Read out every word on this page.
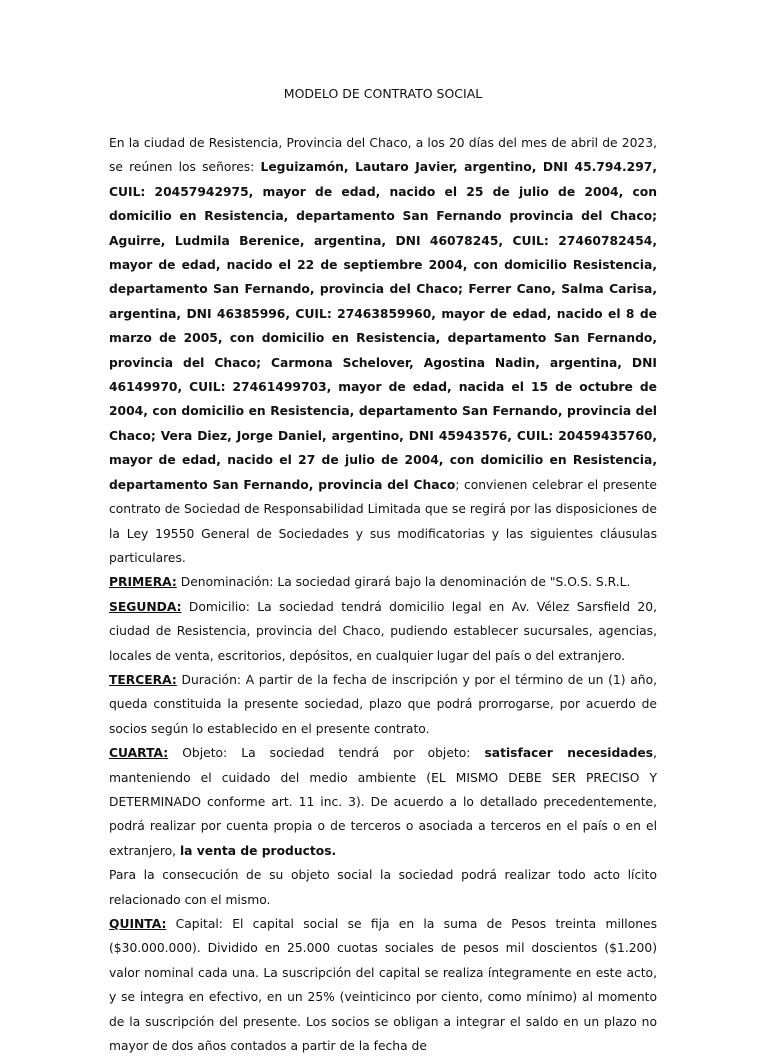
MODELO DE CONTRATO SOCIAL

En la ciudad de Resistencia, Provincia del Chaco, a los 20 días del mes de abril de 2023, se reúnen los señores: Leguizamón, Lautaro Javier, argentino, DNI 45.794.297, CUIL: 20457942975, mayor de edad, nacido el 25 de julio de 2004, con domicilio en Resistencia, departamento San Fernando provincia del Chaco; Aguirre, Ludmila Berenice, argentina, DNI 46078245, CUIL: 27460782454, mayor de edad, nacido el 22 de septiembre 2004, con domicilio Resistencia, departamento San Fernando, provincia del Chaco; Ferrer Cano, Salma Carisa, argentina, DNI 46385996, CUIL: 27463859960, mayor de edad, nacido el 8 de marzo de 2005, con domicilio en Resistencia, departamento San Fernando, provincia del Chaco; Carmona Schelover, Agostina Nadin, argentina, DNI 46149970, CUIL: 27461499703, mayor de edad, nacida el 15 de octubre de 2004, con domicilio en Resistencia, departamento San Fernando, provincia del Chaco; Vera Diez, Jorge Daniel, argentino, DNI 45943576, CUIL: 20459435760, mayor de edad, nacido el 27 de julio de 2004, con domicilio en Resistencia, departamento San Fernando, provincia del Chaco; convienen celebrar el presente contrato de Sociedad de Responsabilidad Limitada que se regirá por las disposiciones de la Ley 19550 General de Sociedades y sus modificatorias y las siguientes cláusulas particulares.

PRIMERA: Denominación: La sociedad girará bajo la denominación de "S.O.S. S.R.L.

SEGUNDA: Domicilio: La sociedad tendrá domicilio legal en Av. Vélez Sarsfield 20, ciudad de Resistencia, provincia del Chaco, pudiendo establecer sucursales, agencias, locales de venta, escritorios, depósitos, en cualquier lugar del país o del extranjero.

TERCERA: Duración: A partir de la fecha de inscripción y por el término de un (1) año, queda constituida la presente sociedad, plazo que podrá prorrogarse, por acuerdo de socios según lo establecido en el presente contrato.

CUARTA: Objeto: La sociedad tendrá por objeto: satisfacer necesidades, manteniendo el cuidado del medio ambiente (EL MISMO DEBE SER PRECISO Y DETERMINADO conforme art. 11 inc. 3). De acuerdo a lo detallado precedentemente, podrá realizar por cuenta propia o de terceros o asociada a terceros en el país o en el extranjero, la venta de productos.

Para la consecución de su objeto social la sociedad podrá realizar todo acto lícito relacionado con el mismo.

QUINTA: Capital: El capital social se fija en la suma de Pesos treinta millones ($30.000.000). Dividido en 25.000 cuotas sociales de pesos mil doscientos ($1.200) valor nominal cada una. La suscripción del capital se realiza íntegramente en este acto, y se integra en efectivo, en un 25% (veinticinco por ciento, como mínimo) al momento de la suscripción del presente. Los socios se obligan a integrar el saldo en un plazo no mayor de dos años contados a partir de la fecha de
